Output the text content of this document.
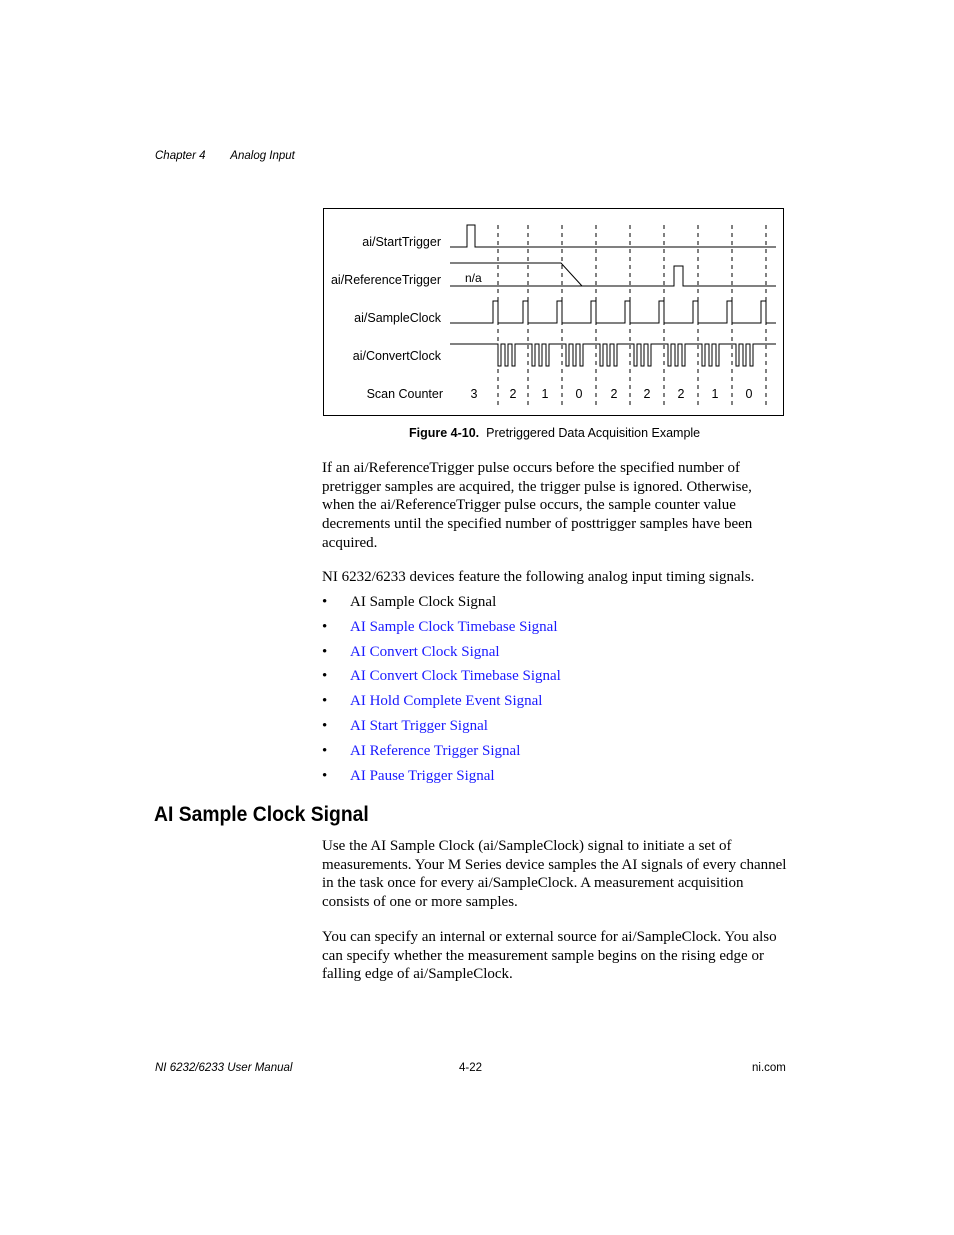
Chapter 4 Analog Input
ai/StartTrigger
ai/ReferenceTrigger
ai/SampleClock
ai/ConvertClock
Scan Counter
n/a
3	2 1 0 2 2 2 1 0
Figure 4-10. Pretriggered Data Acquisition Example
If an ai/ReferenceTrigger pulse occurs before the specified number of pretrigger samples are acquired, the trigger pulse is ignored. Otherwise, when the ai/ReferenceTrigger pulse occurs, the sample counter value decrements until the specified number of posttrigger samples have been acquired.
NI 6232/6233 devices feature the following analog input timing signals.
• AI Sample Clock Signal
• AI Sample Clock Timebase Signal
• AI Convert Clock Signal
• AI Convert Clock Timebase Signal
• AI Hold Complete Event Signal
• AI Start Trigger Signal
• AI Reference Trigger Signal
• AI Pause Trigger Signal
AI Sample Clock Signal
Use the AI Sample Clock (ai/SampleClock) signal to initiate a set of measurements. Your M Series device samples the AI signals of every channel in the task once for every ai/SampleClock. A measurement acquisition consists of one or more samples.
You can specify an internal or external source for ai/SampleClock. You also can specify whether the measurement sample begins on the rising edge or falling edge of ai/SampleClock.
NI 6232/6233 User Manual	4-22	ni.com
